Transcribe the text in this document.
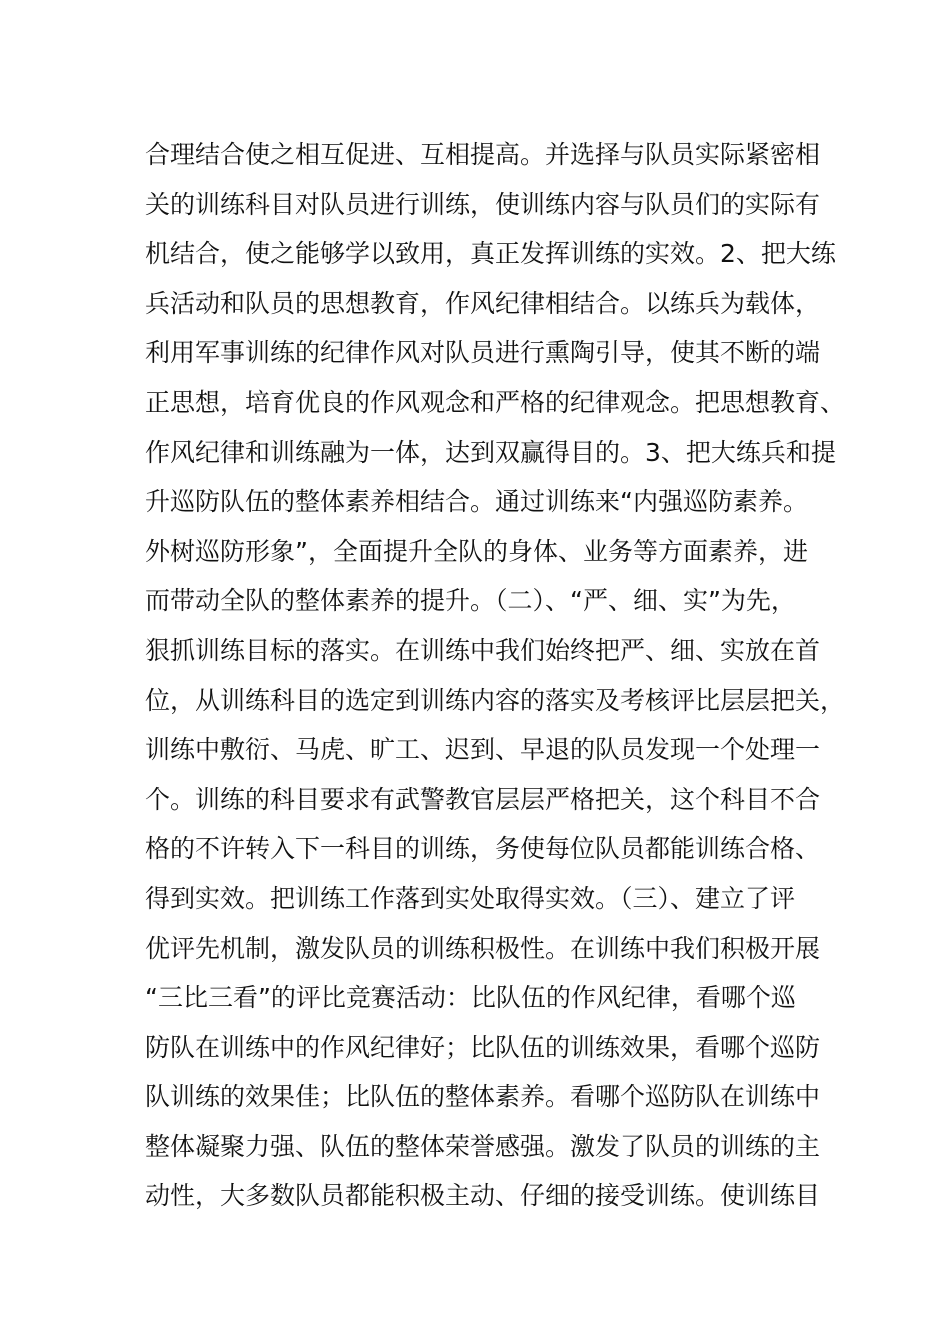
合理结合使之相互促进、互相提高。并选择与队员实际紧密相
关的训练科目对队员进行训练，使训练内容与队员们的实际有
机结合，使之能够学以致用，真正发挥训练的实效。2、把大练
兵活动和队员的思想教育，作风纪律相结合。以练兵为载体，
利用军事训练的纪律作风对队员进行熏陶引导，使其不断的端
正思想，培育优良的作风观念和严格的纪律观念。把思想教育、
作风纪律和训练融为一体，达到双赢得目的。3、把大练兵和提
升巡防队伍的整体素养相结合。通过训练来“内强巡防素养。
外树巡防形象”，全面提升全队的身体、业务等方面素养，进
而带动全队的整体素养的提升。（二）、“严、细、实”为先，
狠抓训练目标的落实。在训练中我们始终把严、细、实放在首
位，从训练科目的选定到训练内容的落实及考核评比层层把关，
训练中敷衍、马虎、旷工、迟到、早退的队员发现一个处理一
个。训练的科目要求有武警教官层层严格把关，这个科目不合
格的不许转入下一科目的训练，务使每位队员都能训练合格、
得到实效。把训练工作落到实处取得实效。（三）、建立了评
优评先机制，激发队员的训练积极性。在训练中我们积极开展
“三比三看”的评比竞赛活动：比队伍的作风纪律，看哪个巡
防队在训练中的作风纪律好；比队伍的训练效果，看哪个巡防
队训练的效果佳；比队伍的整体素养。看哪个巡防队在训练中
整体凝聚力强、队伍的整体荣誉感强。激发了队员的训练的主
动性，大多数队员都能积极主动、仔细的接受训练。使训练目
